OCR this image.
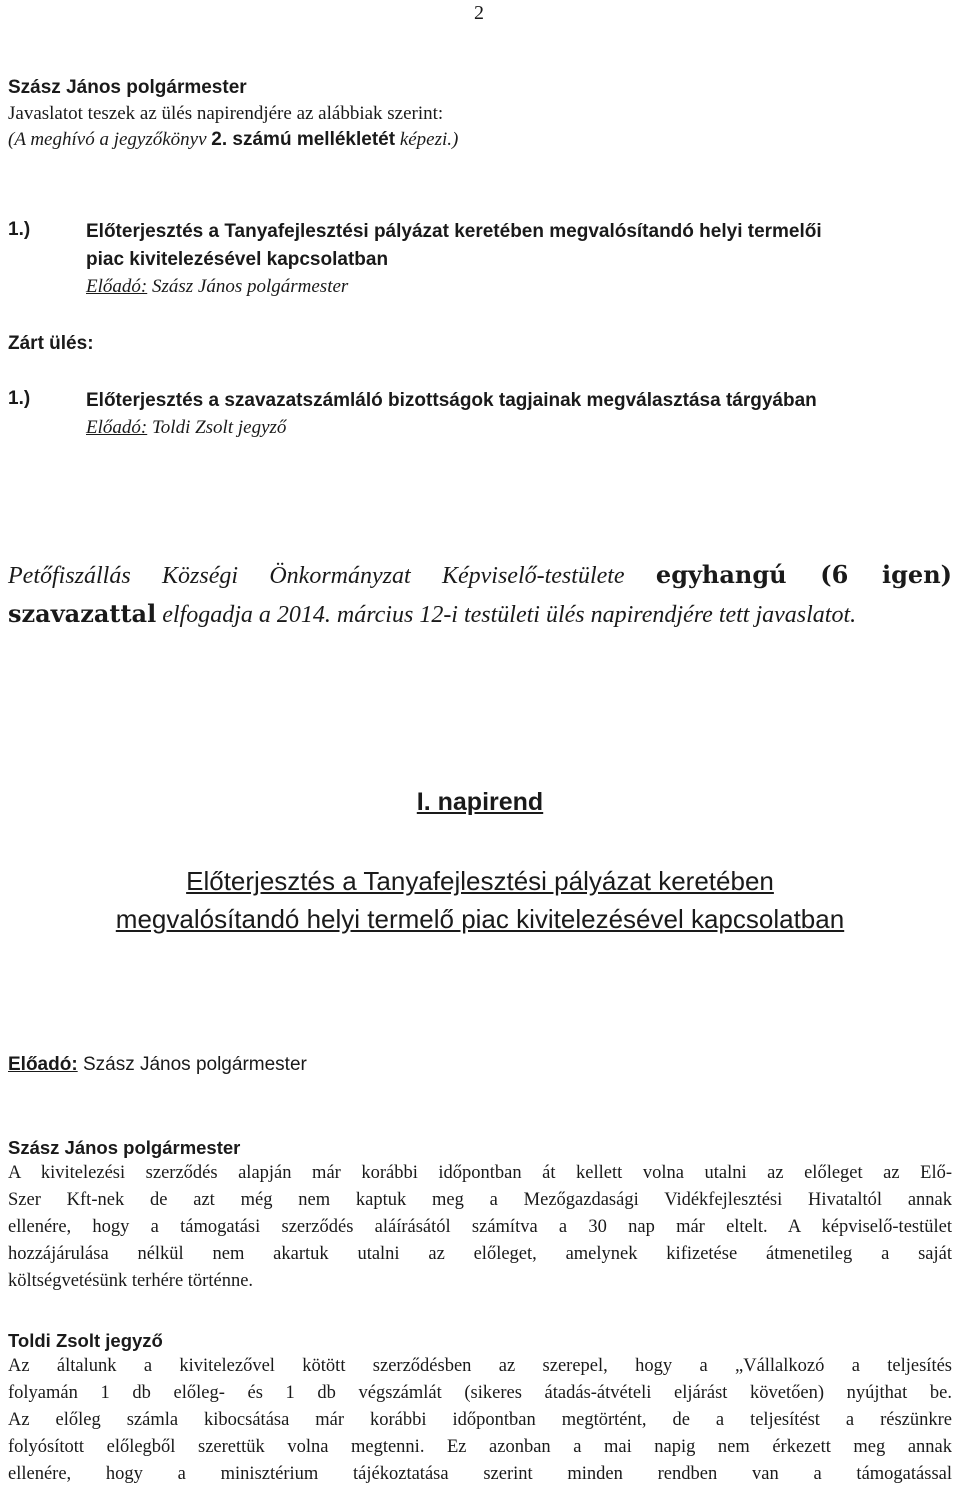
2
Szász János polgármester
Javaslatot teszek az ülés napirendjére az alábbiak szerint:
(A meghívó a jegyzőkönyv 2. számú mellékletét képezi.)
1.)	Előterjesztés a Tanyafejlesztési pályázat keretében megvalósítandó helyi termelői
piac kivitelezésével kapcsolatban
Előadó: Szász János polgármester
Zárt ülés:
1.)	Előterjesztés a szavazatszámláló bizottságok tagjainak megválasztása tárgyában
Előadó: Toldi Zsolt jegyző
Petőfiszállás Községi Önkormányzat Képviselő-testülete egyhangú (6 igen) szavazattal elfogadja a 2014. március 12-i testületi ülés napirendjére tett javaslatot.
I. napirend
Előterjesztés a Tanyafejlesztési pályázat keretében
megvalósítandó helyi termelő piac kivitelezésével kapcsolatban
Előadó: Szász János polgármester
Szász János polgármester
A kivitelezési szerződés alapján már korábbi időpontban át kellett volna utalni az előleget az Elő-
Szer Kft-nek de azt még nem kaptuk meg a Mezőgazdasági Vidékfejlesztési Hivataltól annak
ellenére, hogy a támogatási szerződés aláírásától számítva a 30 nap már eltelt. A képviselő-testület
hozzájárulása nélkül nem akartuk utalni az előleget, amelynek kifizetése átmenetileg a saját
költségvetésünk terhére történne.
Toldi Zsolt jegyző
Az általunk a kivitelezővel kötött szerződésben az szerepel, hogy a „Vállalkozó a teljesítés
folyamán 1 db előleg- és 1 db végszámlát (sikeres átadás-átvételi eljárást követően) nyújthat be.
Az előleg számla kibocsátása már korábbi időpontban megtörtént, de a teljesítést a részünkre
folyósított előlegből szerettük volna megtenni. Ez azonban a mai napig nem érkezett meg annak
ellenére, hogy a minisztérium tájékoztatása szerint minden rendben van a támogatással
